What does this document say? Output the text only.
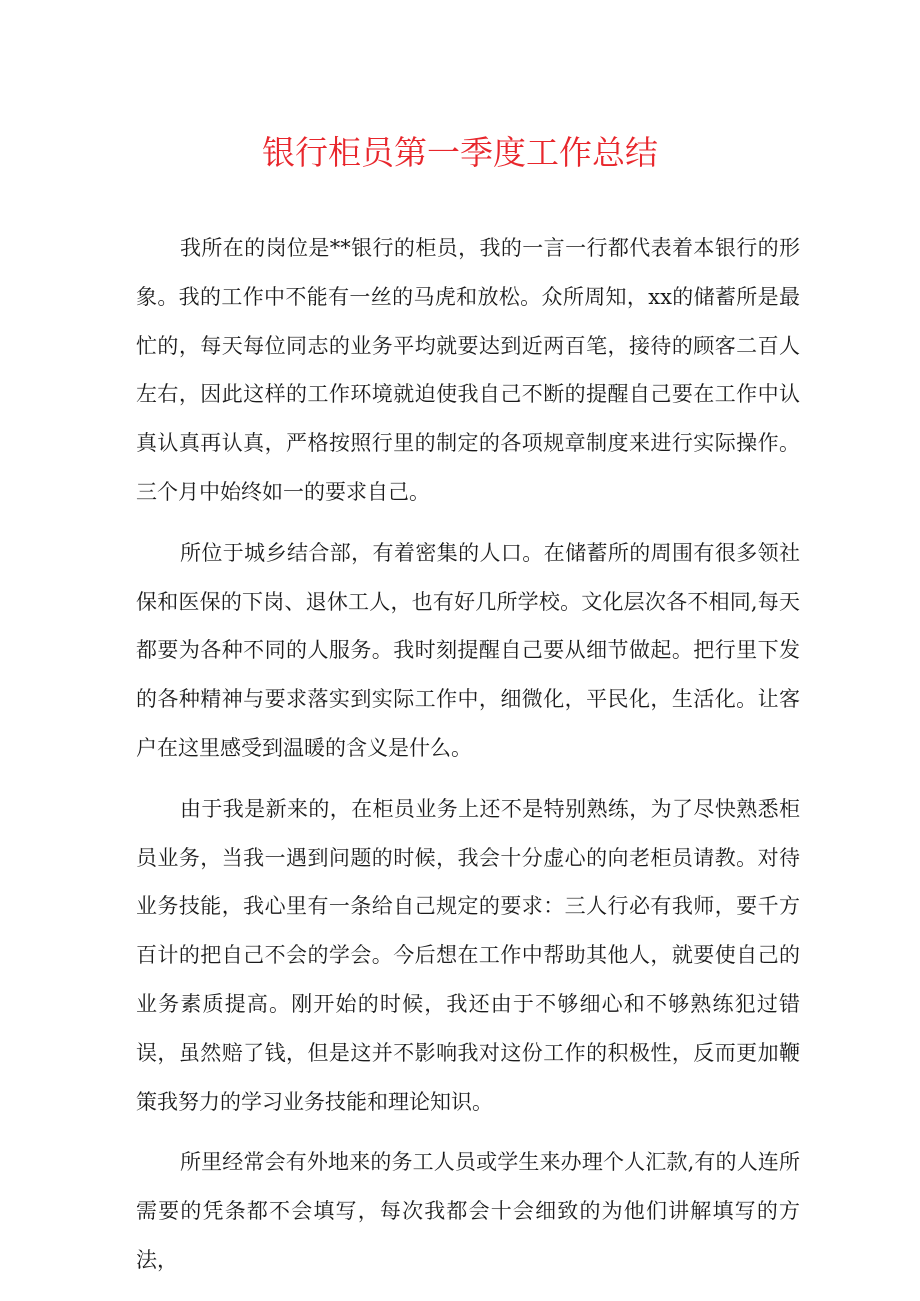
银行柜员第一季度工作总结

我所在的岗位是**银行的柜员，我的一言一行都代表着本银行的形象。我的工作中不能有一丝的马虎和放松。众所周知，xx的储蓄所是最忙的，每天每位同志的业务平均就要达到近两百笔，接待的顾客二百人左右，因此这样的工作环境就迫使我自己不断的提醒自己要在工作中认真认真再认真，严格按照行里的制定的各项规章制度来进行实际操作。三个月中始终如一的要求自己。

所位于城乡结合部，有着密集的人口。在储蓄所的周围有很多领社保和医保的下岗、退休工人，也有好几所学校。文化层次各不相同,每天都要为各种不同的人服务。我时刻提醒自己要从细节做起。把行里下发的各种精神与要求落实到实际工作中，细微化，平民化，生活化。让客户在这里感受到温暖的含义是什么。

由于我是新来的，在柜员业务上还不是特别熟练，为了尽快熟悉柜员业务，当我一遇到问题的时候，我会十分虚心的向老柜员请教。对待业务技能，我心里有一条给自己规定的要求：三人行必有我师，要千方百计的把自己不会的学会。今后想在工作中帮助其他人，就要使自己的业务素质提高。刚开始的时候，我还由于不够细心和不够熟练犯过错误，虽然赔了钱，但是这并不影响我对这份工作的积极性，反而更加鞭策我努力的学习业务技能和理论知识。

所里经常会有外地来的务工人员或学生来办理个人汇款,有的人连所需要的凭条都不会填写，每次我都会十会细致的为他们讲解填写的方法，
